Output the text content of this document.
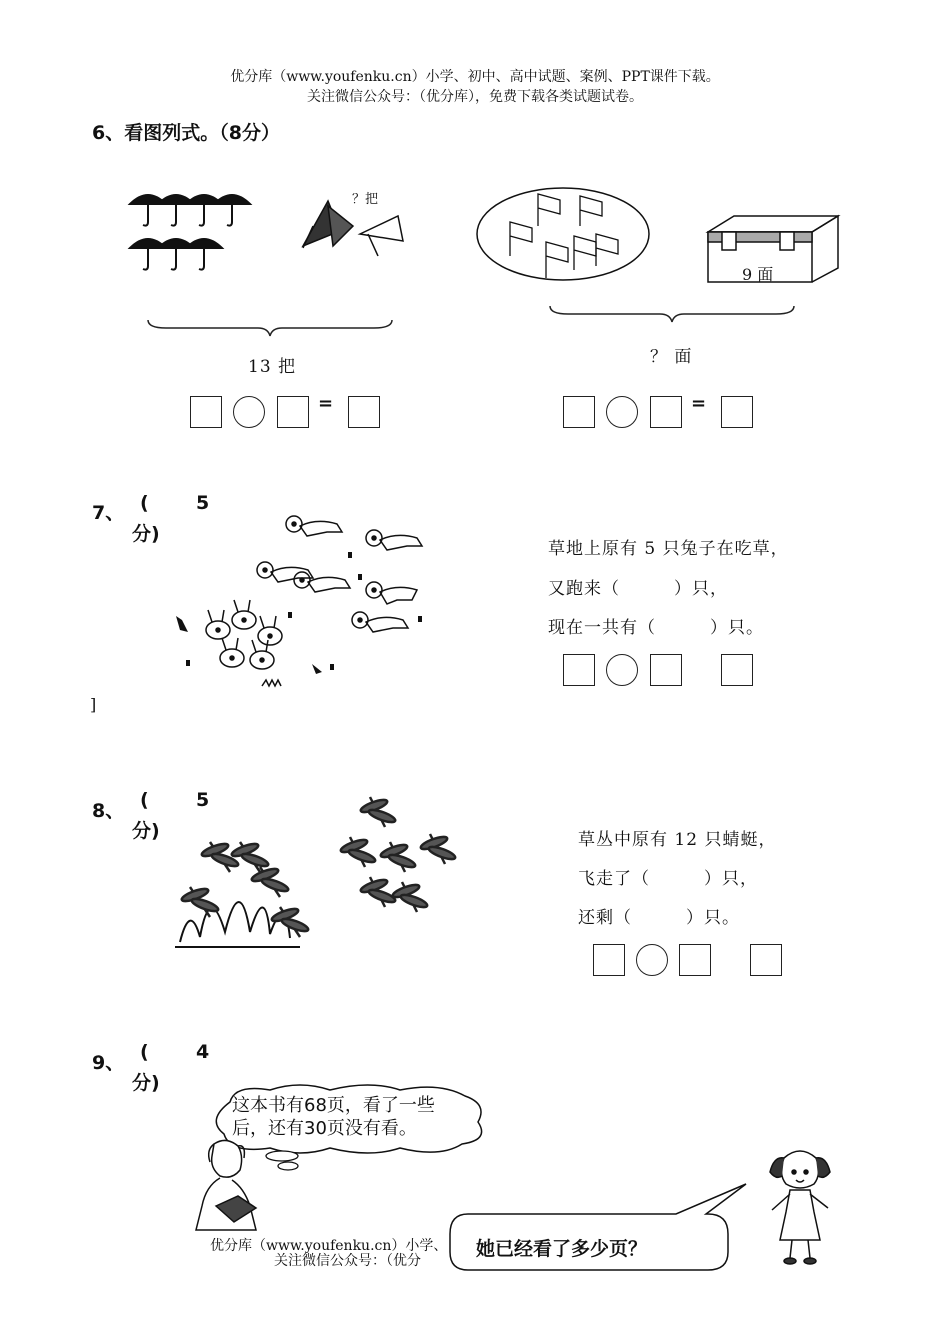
优分库（www.youfenku.cn）小学、初中、高中试题、案例、PPT课件下载。
关注微信公众号：（优分库），免费下载各类试题试卷。
6、看图列式。（8分）
？把
13 把
9 面
？ 面
=	=
7、 ( 5
分)
草地上原有 5 只兔子在吃草，
又跑来（　　　）只，
现在一共有（　　　）只。
]
8、 ( 5
分)	草丛中原有 12 只蜻蜓，
飞走了（　　　）只，
还剩（　　　）只。
9、 ( 4
分)
这本书有68页，看了一些
后，还有30页没有看。
优分库（www.youfenku.cn）小学、
关注微信公众号：（优分
她已经看了多少页？
